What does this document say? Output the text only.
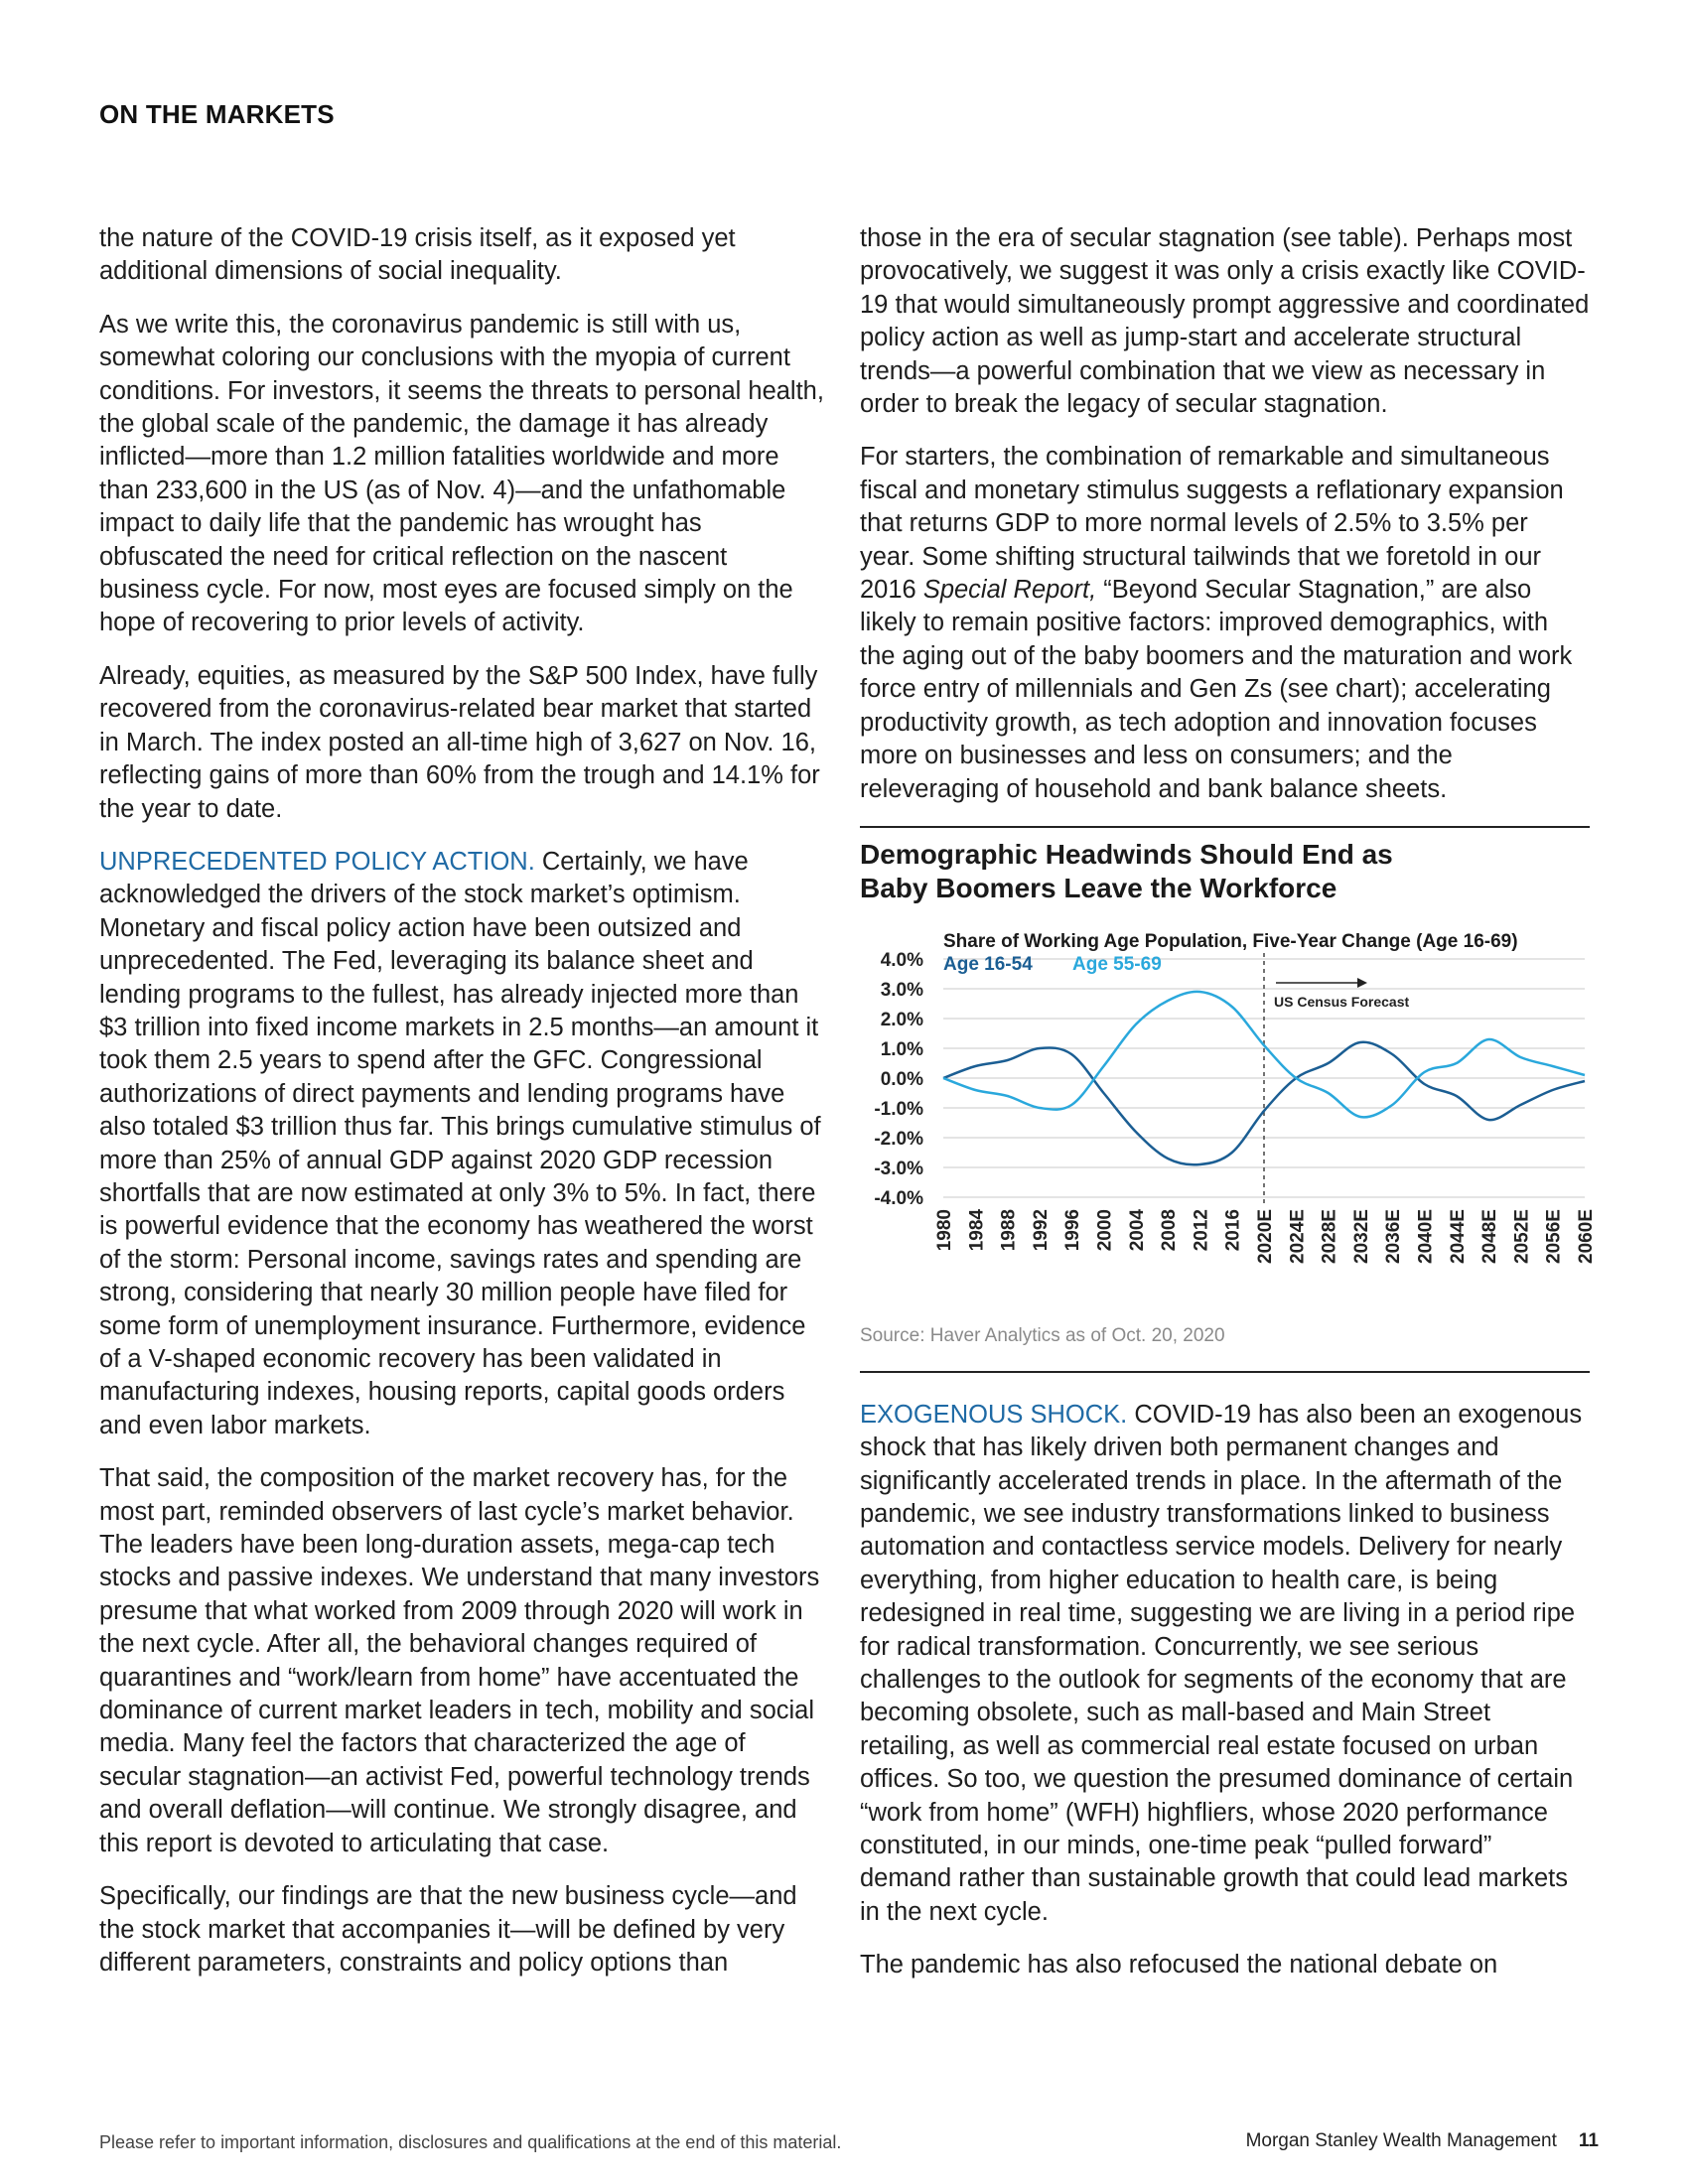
ON THE MARKETS

the nature of the COVID-19 crisis itself, as it exposed yet additional dimensions of social inequality.

As we write this, the coronavirus pandemic is still with us, somewhat coloring our conclusions with the myopia of current conditions. For investors, it seems the threats to personal health, the global scale of the pandemic, the damage it has already inflicted—more than 1.2 million fatalities worldwide and more than 233,600 in the US (as of Nov. 4)—and the unfathomable impact to daily life that the pandemic has wrought has obfuscated the need for critical reflection on the nascent business cycle. For now, most eyes are focused simply on the hope of recovering to prior levels of activity.

Already, equities, as measured by the S&P 500 Index, have fully recovered from the coronavirus-related bear market that started in March. The index posted an all-time high of 3,627 on Nov. 16, reflecting gains of more than 60% from the trough and 14.1% for the year to date.

UNPRECEDENTED POLICY ACTION. Certainly, we have acknowledged the drivers of the stock market’s optimism. Monetary and fiscal policy action have been outsized and unprecedented. The Fed, leveraging its balance sheet and lending programs to the fullest, has already injected more than $3 trillion into fixed income markets in 2.5 months—an amount it took them 2.5 years to spend after the GFC. Congressional authorizations of direct payments and lending programs have also totaled $3 trillion thus far. This brings cumulative stimulus of more than 25% of annual GDP against 2020 GDP recession shortfalls that are now estimated at only 3% to 5%. In fact, there is powerful evidence that the economy has weathered the worst of the storm: Personal income, savings rates and spending are strong, considering that nearly 30 million people have filed for some form of unemployment insurance. Furthermore, evidence of a V-shaped economic recovery has been validated in manufacturing indexes, housing reports, capital goods orders and even labor markets.

That said, the composition of the market recovery has, for the most part, reminded observers of last cycle’s market behavior. The leaders have been long-duration assets, mega-cap tech stocks and passive indexes. We understand that many investors presume that what worked from 2009 through 2020 will work in the next cycle. After all, the behavioral changes required of quarantines and “work/learn from home” have accentuated the dominance of current market leaders in tech, mobility and social media. Many feel the factors that characterized the age of secular stagnation—an activist Fed, powerful technology trends and overall deflation—will continue. We strongly disagree, and this report is devoted to articulating that case.

Specifically, our findings are that the new business cycle—and the stock market that accompanies it—will be defined by very different parameters, constraints and policy options than

those in the era of secular stagnation (see table). Perhaps most provocatively, we suggest it was only a crisis exactly like COVID-19 that would simultaneously prompt aggressive and coordinated policy action as well as jump-start and accelerate structural trends—a powerful combination that we view as necessary in order to break the legacy of secular stagnation.

For starters, the combination of remarkable and simultaneous fiscal and monetary stimulus suggests a reflationary expansion that returns GDP to more normal levels of 2.5% to 3.5% per year. Some shifting structural tailwinds that we foretold in our 2016 Special Report, “Beyond Secular Stagnation,” are also likely to remain positive factors: improved demographics, with the aging out of the baby boomers and the maturation and work force entry of millennials and Gen Zs (see chart); accelerating productivity growth, as tech adoption and innovation focuses more on businesses and less on consumers; and the releveraging of household and bank balance sheets.

Demographic Headwinds Should End as
Baby Boomers Leave the Workforce
4.0%
3.0%
2.0%
1.0%
0.0%
-1.0%
-2.0%
-3.0%
-4.0%
US Census Forecast
Share of Working Age Population, Five-Year Change (Age 16-69)
Age 16-54 Age 55-69
1980 1984 1988 1992 1996 2000 2004 2008 2012 2016 2020E 2024E 2028E 2032E 2036E 2040E 2044E 2048E 2052E 2056E 2060E
Source: Haver Analytics as of Oct. 20, 2020

EXOGENOUS SHOCK. COVID-19 has also been an exogenous shock that has likely driven both permanent changes and significantly accelerated trends in place. In the aftermath of the pandemic, we see industry transformations linked to business automation and contactless service models. Delivery for nearly everything, from higher education to health care, is being redesigned in real time, suggesting we are living in a period ripe for radical transformation. Concurrently, we see serious challenges to the outlook for segments of the economy that are becoming obsolete, such as mall-based and Main Street retailing, as well as commercial real estate focused on urban offices. So too, we question the presumed dominance of certain “work from home” (WFH) highfliers, whose 2020 performance constituted, in our minds, one-time peak “pulled forward” demand rather than sustainable growth that could lead markets in the next cycle.

The pandemic has also refocused the national debate on

Please refer to important information, disclosures and qualifications at the end of this material.	Morgan Stanley Wealth Management 11
